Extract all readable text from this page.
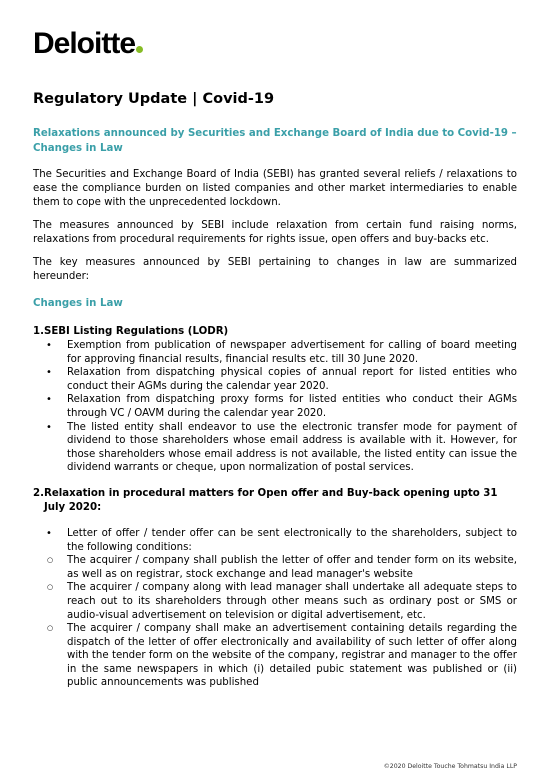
Deloitte
Regulatory Update | Covid-19
Relaxations announced by Securities and Exchange Board of India due to Covid-19 – Changes in Law

The Securities and Exchange Board of India (SEBI) has granted several reliefs / relaxations to ease the compliance burden on listed companies and other market intermediaries to enable them to cope with the unprecedented lockdown.

The measures announced by SEBI include relaxation from certain fund raising norms, relaxations from procedural requirements for rights issue, open offers and buy-backs etc.

The key measures announced by SEBI pertaining to changes in law are summarized hereunder:

Changes in Law
1. SEBI Listing Regulations (LODR)
• Exemption from publication of newspaper advertisement for calling of board meeting for approving financial results, financial results etc. till 30 June 2020.
• Relaxation from dispatching physical copies of annual report for listed entities who conduct their AGMs during the calendar year 2020.
• Relaxation from dispatching proxy forms for listed entities who conduct their AGMs through VC / OAVM during the calendar year 2020.
• The listed entity shall endeavor to use the electronic transfer mode for payment of dividend to those shareholders whose email address is available with it. However, for those shareholders whose email address is not available, the listed entity can issue the dividend warrants or cheque, upon normalization of postal services.
2. Relaxation in procedural matters for Open offer and Buy-back opening upto 31 July 2020:
• Letter of offer / tender offer can be sent electronically to the shareholders, subject to the following conditions:
○ The acquirer / company shall publish the letter of offer and tender form on its website, as well as on registrar, stock exchange and lead manager's website
○ The acquirer / company along with lead manager shall undertake all adequate steps to reach out to its shareholders through other means such as ordinary post or SMS or audio-visual advertisement on television or digital advertisement, etc.
○ The acquirer / company shall make an advertisement containing details regarding the dispatch of the letter of offer electronically and availability of such letter of offer along with the tender form on the website of the company, registrar and manager to the offer in the same newspapers in which (i) detailed pubic statement was published or (ii) public announcements was published
©2020 Deloitte Touche Tohmatsu India LLP
